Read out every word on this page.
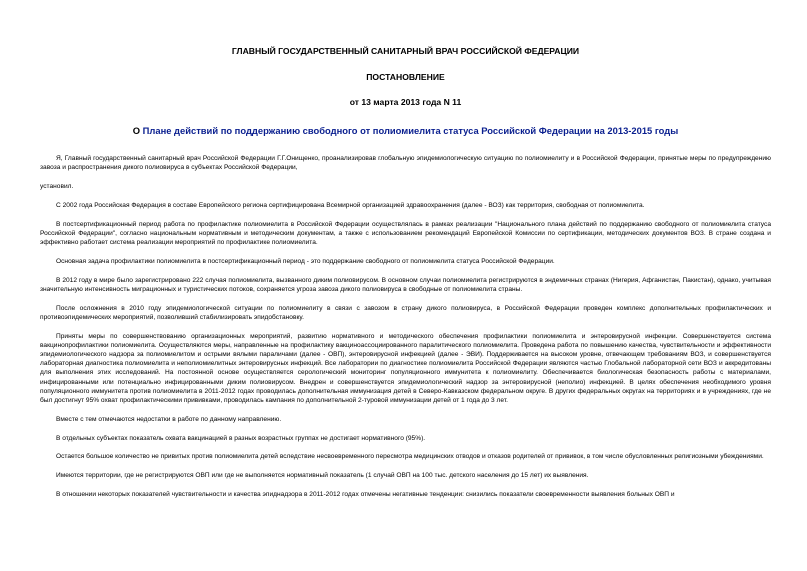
ГЛАВНЫЙ ГОСУДАРСТВЕННЫЙ САНИТАРНЫЙ ВРАЧ РОССИЙСКОЙ ФЕДЕРАЦИИ

ПОСТАНОВЛЕНИЕ

от 13 марта 2013 года N 11

О Плане действий по поддержанию свободного от полиомиелита статуса Российской Федерации на 2013-2015 годы

Я, Главный государственный санитарный врач Российской Федерации Г.Г.Онищенко, проанализировав глобальную эпидемиологическую ситуацию по полиомиелиту и в Российской Федерации, принятые меры по предупреждению завоза и распространения дикого полиовируса в субъектах Российской Федерации,

установил.

С 2002 года Российская Федерация в составе Европейского региона сертифицирована Всемирной организацией здравоохранения (далее - ВОЗ) как территория, свободная от полиомиелита.

В постсертификационный период работа по профилактике полиомиелита в Российской Федерации осуществлялась в рамках реализации "Национального плана действий по поддержанию свободного от полиомиелита статуса Российской Федерации", согласно национальным нормативным и методическим документам, а также с использованием рекомендаций Европейской Комиссии по сертификации, методических документов ВОЗ. В стране создана и эффективно работает система реализации мероприятий по профилактике полиомиелита.

Основная задача профилактики полиомиелита в постсертификационный период - это поддержание свободного от полиомиелита статуса Российской Федерации.

В 2012 году в мире было зарегистрировано 222 случая полиомиелита, вызванного диким полиовирусом. В основном случаи полиомиелита регистрируются в эндемичных странах (Нигерия, Афганистан, Пакистан), однако, учитывая значительную интенсивность миграционных и туристических потоков, сохраняется угроза завоза дикого полиовируса в свободные от полиомиелита страны.

После осложнения в 2010 году эпидемиологической ситуации по полиомиелиту в связи с завозом в страну дикого полиовируса, в Российской Федерации проведен комплекс дополнительных профилактических и противоэпидемических мероприятий, позволивший стабилизировать эпидобстановку.

Приняты меры по совершенствованию организационных мероприятий, развитию нормативного и методического обеспечения профилактики полиомиелита и энтеровирусной инфекции. Совершенствуется система вакцинопрофилактики полиомиелита. Осуществляются меры, направленные на профилактику вакциноассоциированного паралитического полиомиелита. Проведена работа по повышению качества, чувствительности и эффективности эпидемиологического надзора за полиомиелитом и острыми вялыми параличами (далее - ОВП), энтеровирусной инфекцией (далее - ЭВИ). Поддерживается на высоком уровне, отвечающем требованиям ВОЗ, и совершенствуется лабораторная диагностика полиомиелита и неполиомиелитных энтеровирусных инфекций. Все лаборатории по диагностике полиомиелита Российской Федерации являются частью Глобальной лабораторной сети ВОЗ и аккредитованы для выполнения этих исследований. На постоянной основе осуществляется серологический мониторинг популяционного иммунитета к полиомиелиту. Обеспечивается биологическая безопасность работы с материалами, инфицированными или потенциально инфицированными диким полиовирусом. Внедрен и совершенствуется эпидемиологический надзор за энтеровирусной (неполио) инфекцией. В целях обеспечения необходимого уровня популяционного иммунитета против полиомиелита в 2011-2012 годах проводилась дополнительная иммунизация детей в Северо-Кавказском федеральном округе. В других федеральных округах на территориях и в учреждениях, где не был достигнут 95% охват профилактическими прививками, проводилась кампания по дополнительной 2-туровой иммунизации детей от 1 года до 3 лет.

Вместе с тем отмечаются недостатки в работе по данному направлению.

В отдельных субъектах показатель охвата вакцинацией в разных возрастных группах не достигает нормативного (95%).

Остается большое количество не привитых против полиомиелита детей вследствие несвоевременного пересмотра медицинских отводов и отказов родителей от прививок, в том числе обусловленных религиозными убеждениями.

Имеются территории, где не регистрируются ОВП или где не выполняется нормативный показатель (1 случай ОВП на 100 тыс. детского населения до 15 лет) их выявления.

В отношении некоторых показателей чувствительности и качества эпиднадзора в 2011-2012 годах отмечены негативные тенденции: снизились показатели своевременности выявления больных ОВП и
